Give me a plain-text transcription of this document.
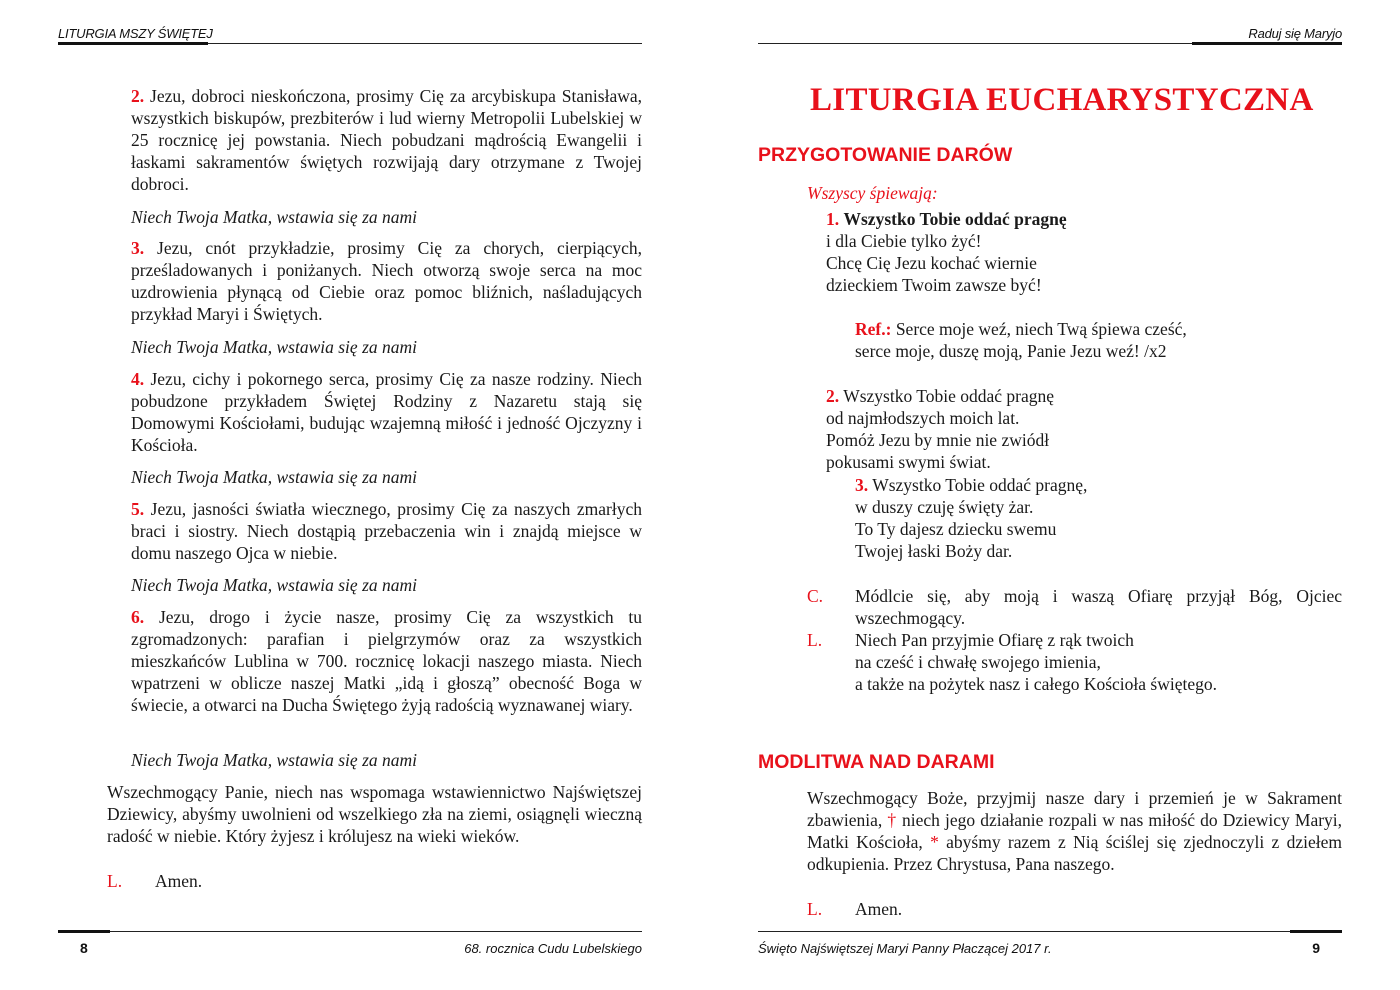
LITURGIA MSZY ŚWIĘTEJ
2. Jezu, dobroci nieskończona, prosimy Cię za arcybiskupa Stanisława, wszystkich biskupów, prezbiterów i lud wierny Metropolii Lubelskiej w 25 rocznicę jej powstania. Niech pobudzani mądrością Ewangelii i łaskami sakramentów świętych rozwijają dary otrzymane z Twojej dobroci.
Niech Twoja Matka, wstawia się za nami
3. Jezu, cnót przykładzie, prosimy Cię za chorych, cierpiących, prześladowanych i poniżanych. Niech otworzą swoje serca na moc uzdrowienia płynącą od Ciebie oraz pomoc bliźnich, naśladujących przykład Maryi i Świętych.
Niech Twoja Matka, wstawia się za nami
4. Jezu, cichy i pokornego serca, prosimy Cię za nasze rodziny. Niech pobudzone przykładem Świętej Rodziny z Nazaretu stają się Domowymi Kościołami, budując wzajemną miłość i jedność Ojczyzny i Kościoła.
Niech Twoja Matka, wstawia się za nami
5. Jezu, jasności światła wiecznego, prosimy Cię za naszych zmarłych braci i siostry. Niech dostąpią przebaczenia win i znajdą miejsce w domu naszego Ojca w niebie.
Niech Twoja Matka, wstawia się za nami
6. Jezu, drogo i życie nasze, prosimy Cię za wszystkich tu zgromadzonych: parafian i pielgrzymów oraz za wszystkich mieszkańców Lublina w 700. rocznicę lokacji naszego miasta. Niech wpatrzeni w oblicze naszej Matki „idą i głoszą” obecność Boga w świecie, a otwarci na Ducha Świętego żyją radością wyznawanej wiary.
Niech Twoja Matka, wstawia się za nami
Wszechmogący Panie, niech nas wspomaga wstawiennictwo Najświętszej Dziewicy, abyśmy uwolnieni od wszelkiego zła na ziemi, osiągnęli wieczną radość w niebie. Który żyjesz i królujesz na wieki wieków.
L. Amen.
8	68. rocznica Cudu Lubelskiego
Raduj się Maryjo
9
Święto Najświętszej Maryi Panny Płaczącej 2017 r.
LITURGIA EUCHARYSTYCZNA
PRZYGOTOWANIE DARÓW
Wszyscy śpiewają:
1. Wszystko Tobie oddać pragnę
i dla Ciebie tylko żyć!
Chcę Cię Jezu kochać wiernie
dzieckiem Twoim zawsze być!
Ref.: Serce moje weź, niech Twą śpiewa cześć,
serce moje, duszę moją, Panie Jezu weź! /x2
2. Wszystko Tobie oddać pragnę
od najmłodszych moich lat.
Pomóż Jezu by mnie nie zwiódł
pokusami swymi świat.
3. Wszystko Tobie oddać pragnę,
w duszy czuję święty żar.
To Ty dajesz dziecku swemu
Twojej łaski Boży dar.
C. Módlcie się, aby moją i waszą Ofiarę przyjął Bóg, Ojciec wszechmogący.
L. Niech Pan przyjmie Ofiarę z rąk twoich
na cześć i chwałę swojego imienia,
a także na pożytek nasz i całego Kościoła świętego.
MODLITWA NAD DARAMI
Wszechmogący Boże, przyjmij nasze dary i przemień je w Sakrament zbawienia, † niech jego działanie rozpali w nas miłość do Dziewicy Maryi, Matki Kościoła, * abyśmy razem z Nią ściślej się zjednoczyli z dziełem odkupienia. Przez Chrystusa, Pana naszego.
L. Amen.
